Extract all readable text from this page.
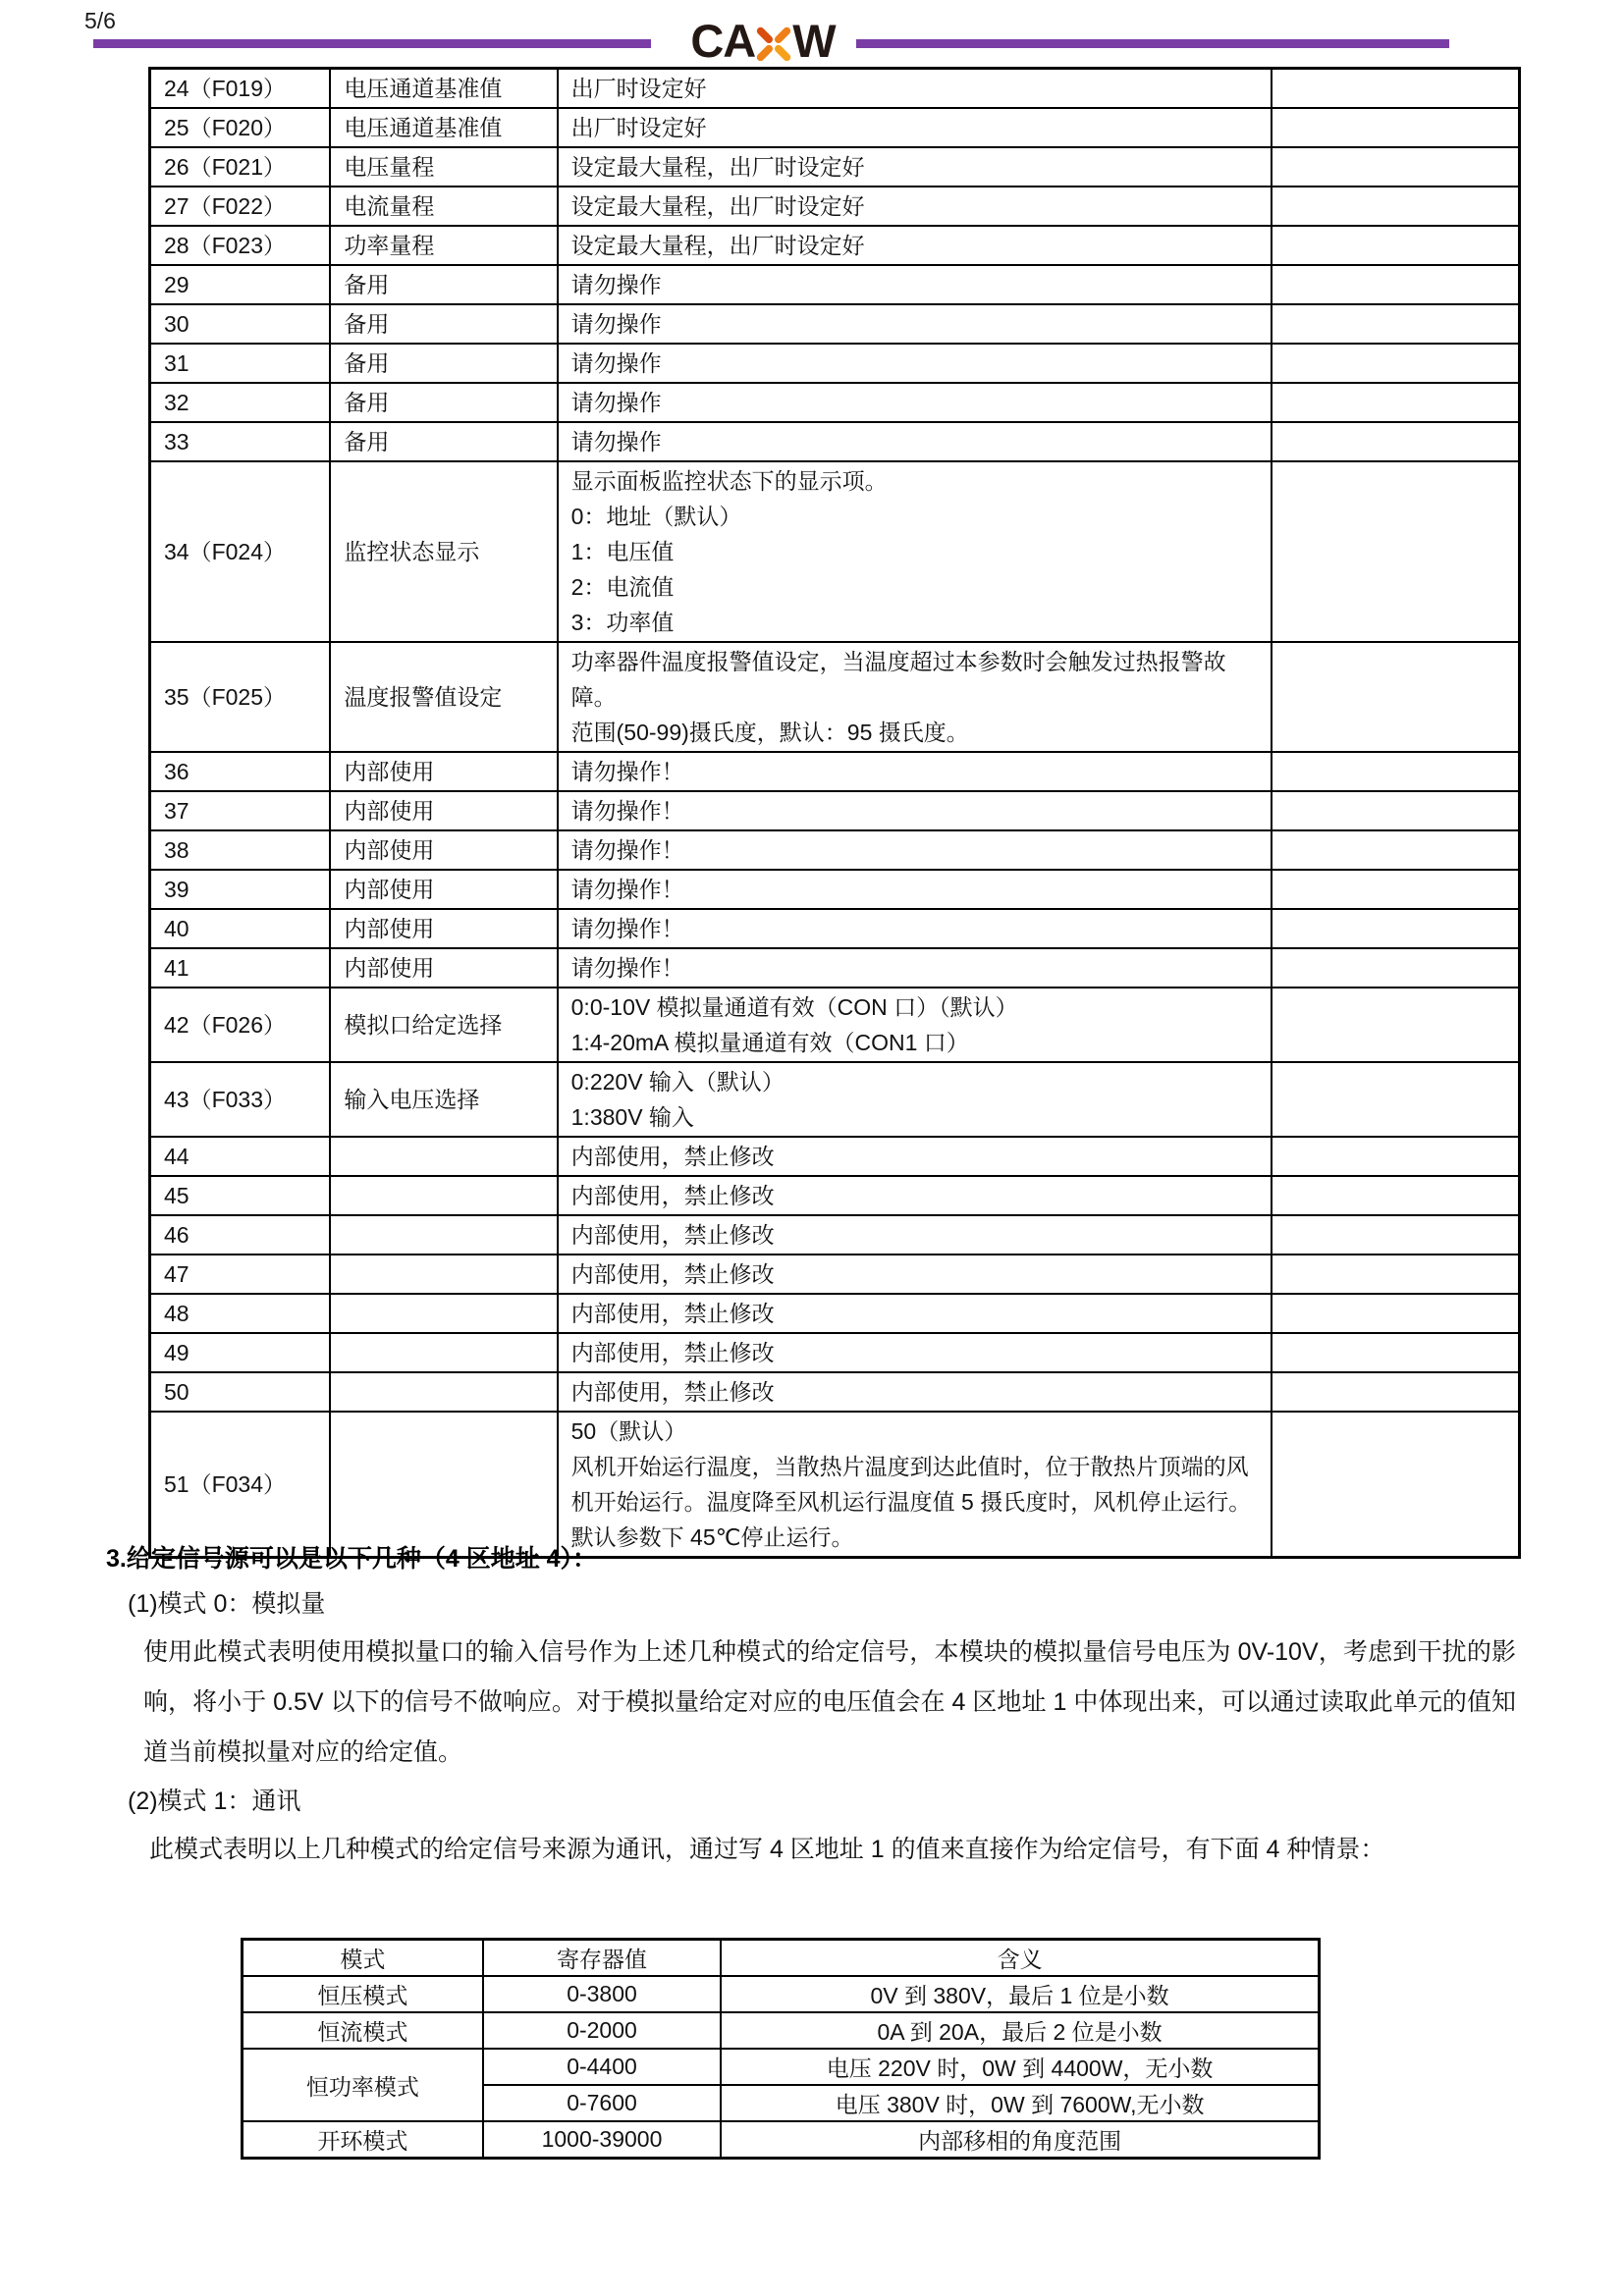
5/6	CA W
24（F019）	电压通道基准值	出厂时设定好	

25（F020）	电压通道基准值	出厂时设定好	

26（F021）	电压量程	设定最大量程，出厂时设定好	

27（F022）	电流量程	设定最大量程，出厂时设定好	

28（F023）	功率量程	设定最大量程，出厂时设定好	

29	备用	请勿操作	

30	备用	请勿操作	

31	备用	请勿操作	

32	备用	请勿操作	

33	备用	请勿操作	

34（F024）	监控状态显示	显示面板监控状态下的显示项。
0：地址（默认）
1：电压值
2：电流值
3：功率值	

35（F025）	温度报警值设定	功率器件温度报警值设定，当温度超过本参数时会触发过热报警故障。
范围(50-99)摄氏度，默认：95 摄氏度。	

36	内部使用	请勿操作！	

37	内部使用	请勿操作！	

38	内部使用	请勿操作！	

39	内部使用	请勿操作！	

40	内部使用	请勿操作！	

41	内部使用	请勿操作！	

42（F026）	模拟口给定选择	0:0-10V 模拟量通道有效（CON 口）（默认）
1:4-20mA 模拟量通道有效（CON1 口）	

43（F033）	输入电压选择	0:220V 输入（默认）
1:380V 输入	

44		内部使用，禁止修改	

45		内部使用，禁止修改	

46		内部使用，禁止修改	

47		内部使用，禁止修改	

48		内部使用，禁止修改	

49		内部使用，禁止修改	

50		内部使用，禁止修改	

51（F034）		50（默认）
风机开始运行温度，当散热片温度到达此值时，位于散热片顶端的风机开始运行。温度降至风机运行温度值 5 摄氏度时，风机停止运行。默认参数下 45℃停止运行。	

3.给定信号源可以是以下几种（4 区地址 4）：
(1)模式 0：模拟量
使用此模式表明使用模拟量口的输入信号作为上述几种模式的给定信号，本模块的模拟量信号电压为 0V-10V，考虑到干扰的影响，将小于 0.5V 以下的信号不做响应。对于模拟量给定对应的电压值会在 4 区地址 1 中体现出来，可以通过读取此单元的值知道当前模拟量对应的给定值。
(2)模式 1：通讯
此模式表明以上几种模式的给定信号来源为通讯，通过写 4 区地址 1 的值来直接作为给定信号，有下面 4 种情景：
模式	寄存器值	含义
恒压模式	0-3800	0V 到 380V，最后 1 位是小数
恒流模式	0-2000	0A 到 20A，最后 2 位是小数
恒功率模式	0-4400	电压 220V 时，0W 到 4400W，无小数
	0-7600	电压 380V 时，0W 到 7600W,无小数
开环模式	1000-39000	内部移相的角度范围
